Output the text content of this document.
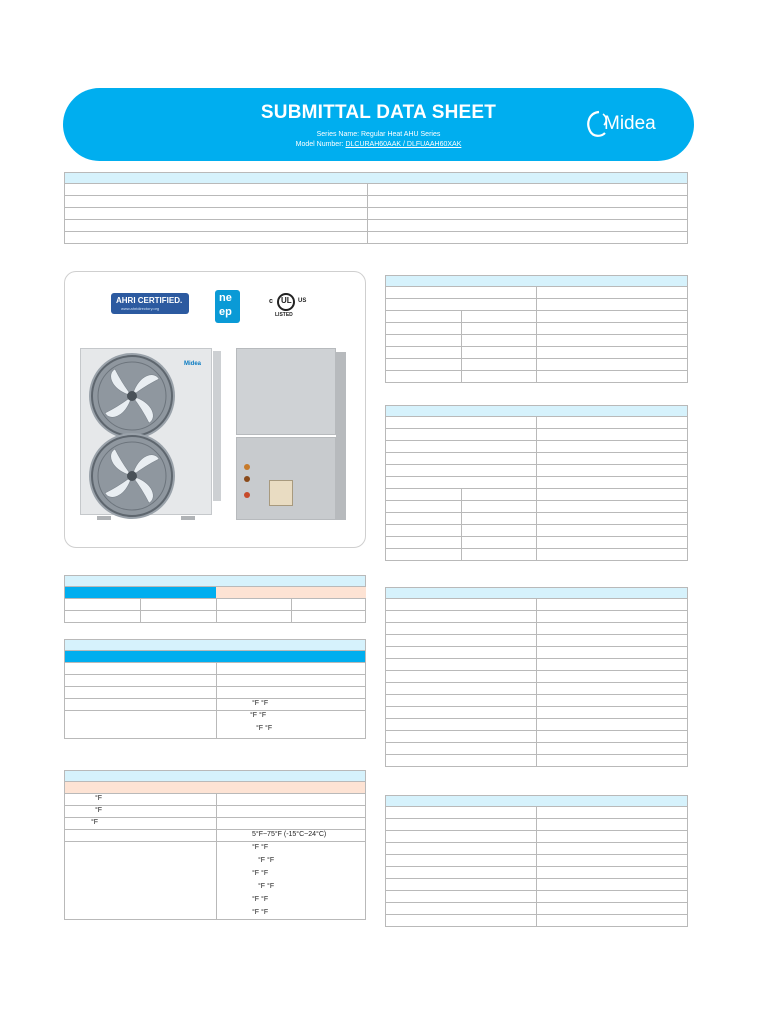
SUBMITTAL DATA SHEET
Series Name: Regular Heat AHU Series
Model Number: DLCURAH60AAK / DLFUAAH60XAK
Midea
AHRI CERTIFIED.
www.ahridirectory.org
ne
ep
c UL US
LISTED
Midea
°F °F
°F °F
°F °F
°F
°F
°F
5°F~75°F (-15°C~24°C)
°F °F
°F °F
°F °F
°F °F
°F °F
°F °F
